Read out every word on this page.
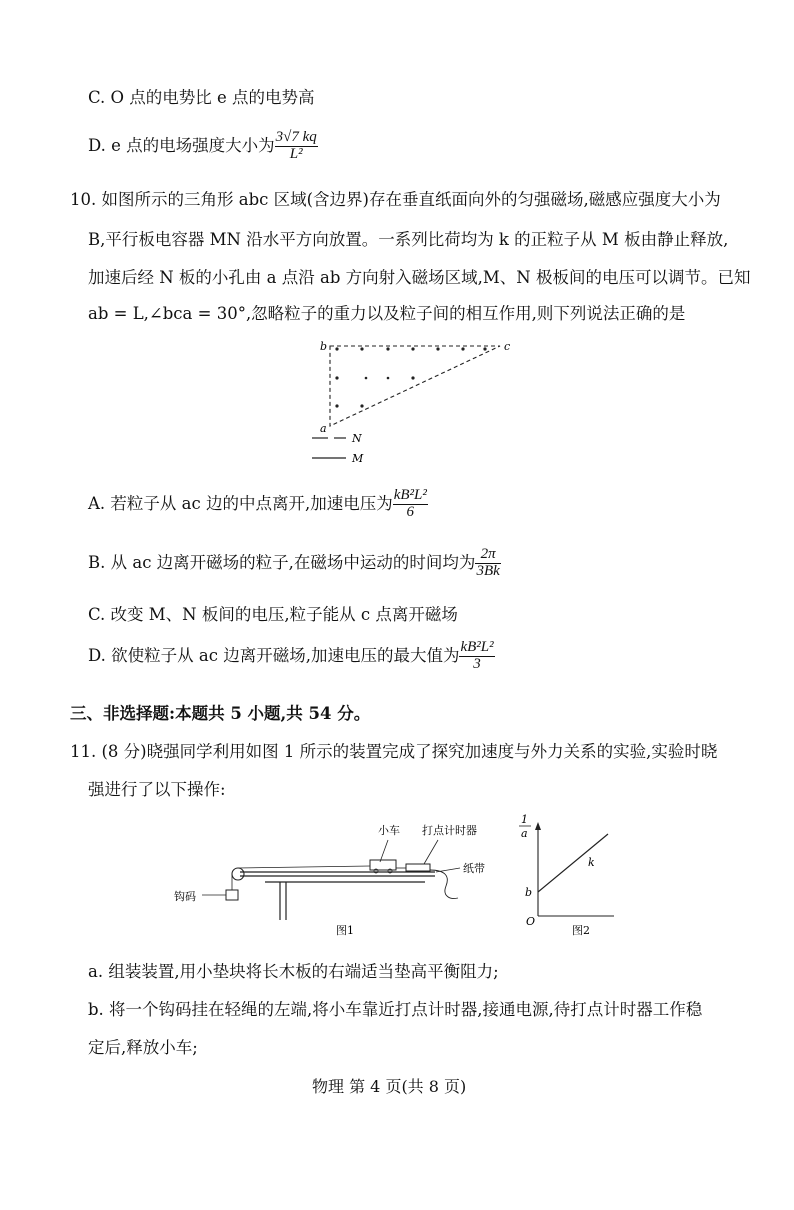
C. O 点的电势比 e 点的电势高
D. e 点的电场强度大小为 $\frac{3√7 kq}{\text{L²}}$
10. 如图所示的三角形 abc 区域(含边界)存在垂直纸面向外的匀强磁场,磁感应强度大小为
B,平行板电容器 MN 沿水平方向放置。一系列比荷均为 k 的正粒子从 M 板由静止释放,
加速后经 N 板的小孔由 a 点沿 ab 方向射入磁场区域,M、N 极板间的电压可以调节。已知
ab = L,∠bca = 30°,忽略粒子的重力以及粒子间的相互作用,则下列说法正确的是
b	c
a
N
M
A. 若粒子从 ac 边的中点离开,加速电压为 $\frac{\text{kB²L²}}{6}$
B. 从 ac 边离开磁场的粒子,在磁场中运动的时间均为 $\frac{2\pi}{3Bk}$
C. 改变 M、N 板间的电压,粒子能从 c 点离开磁场
D. 欲使粒子从 ac 边离开磁场,加速电压的最大值为 $\frac{\text{kB²L²}}{3}$
三、非选择题:本题共 5 小题,共 54 分。
11. (8 分)晓强同学利用如图 1 所示的装置完成了探究加速度与外力关系的实验,实验时晓
强进行了以下操作:
小车 打点计时器
纸带
钩码
图1
1
a
b
k
O
图2
a. 组装装置,用小垫块将长木板的右端适当垫高平衡阻力;
b. 将一个钩码挂在轻绳的左端,将小车靠近打点计时器,接通电源,待打点计时器工作稳
定后,释放小车;
物理 第 4 页(共 8 页)
